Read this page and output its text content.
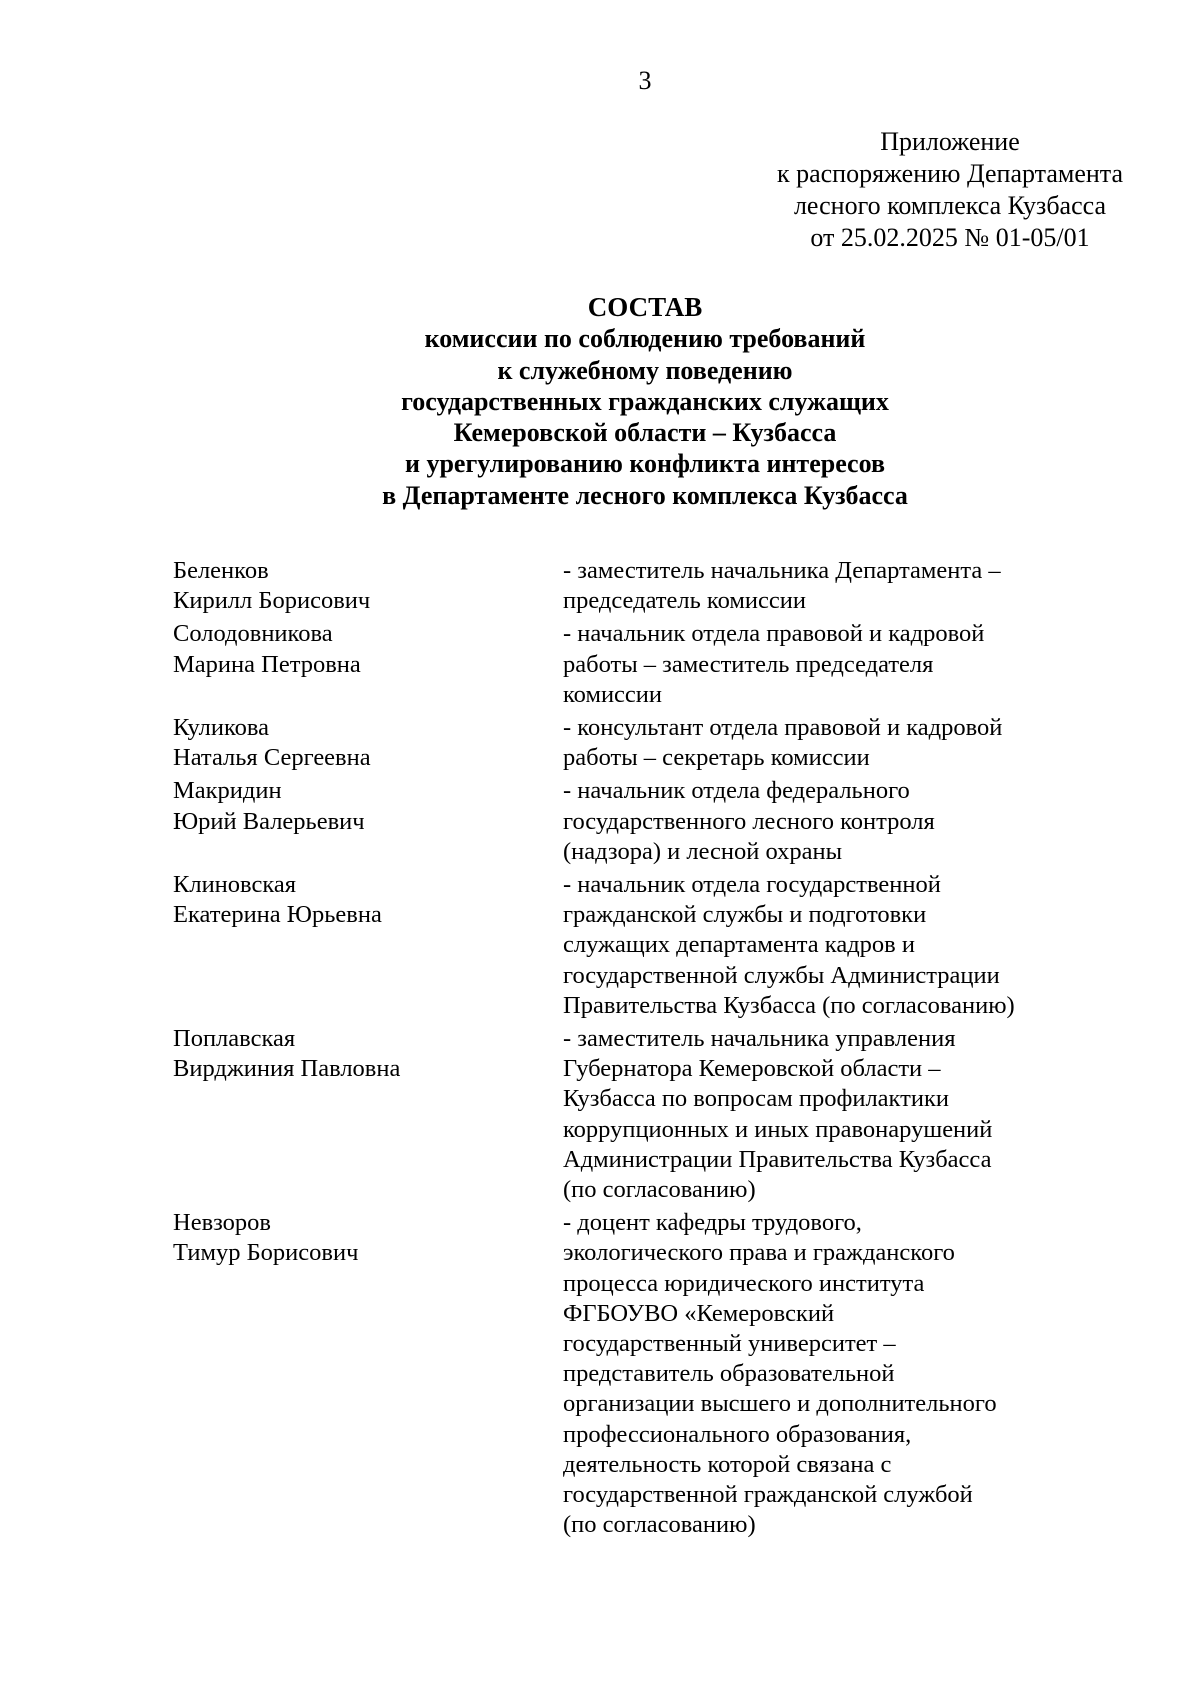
3
Приложение
к распоряжению Департамента
лесного комплекса Кузбасса
от 25.02.2025 № 01-05/01
СОСТАВ
комиссии по соблюдению требований
к служебному поведению
государственных гражданских служащих
Кемеровской области – Кузбасса
и урегулированию конфликта интересов
в Департаменте лесного комплекса Кузбасса
Беленков
Кирилл Борисович
- заместитель начальника Департамента –
председатель комиссии
Солодовникова
Марина Петровна
- начальник отдела правовой и кадровой
работы – заместитель председателя
комиссии
Куликова
Наталья Сергеевна
- консультант отдела правовой и кадровой
работы – секретарь комиссии
Макридин
Юрий Валерьевич
- начальник отдела федерального
государственного лесного контроля
(надзора) и лесной охраны
Клиновская
Екатерина Юрьевна
- начальник отдела государственной
гражданской службы и подготовки
служащих департамента кадров и
государственной службы Администрации
Правительства Кузбасса (по согласованию)
Поплавская
Вирджиния Павловна
- заместитель начальника управления
Губернатора Кемеровской области –
Кузбасса по вопросам профилактики
коррупционных и иных правонарушений
Администрации Правительства Кузбасса
(по согласованию)
Невзоров
Тимур Борисович
- доцент кафедры трудового,
экологического права и гражданского
процесса юридического института
ФГБОУВО «Кемеровский
государственный университет –
представитель образовательной
организации высшего и дополнительного
профессионального образования,
деятельность которой связана с
государственной гражданской службой
(по согласованию)
